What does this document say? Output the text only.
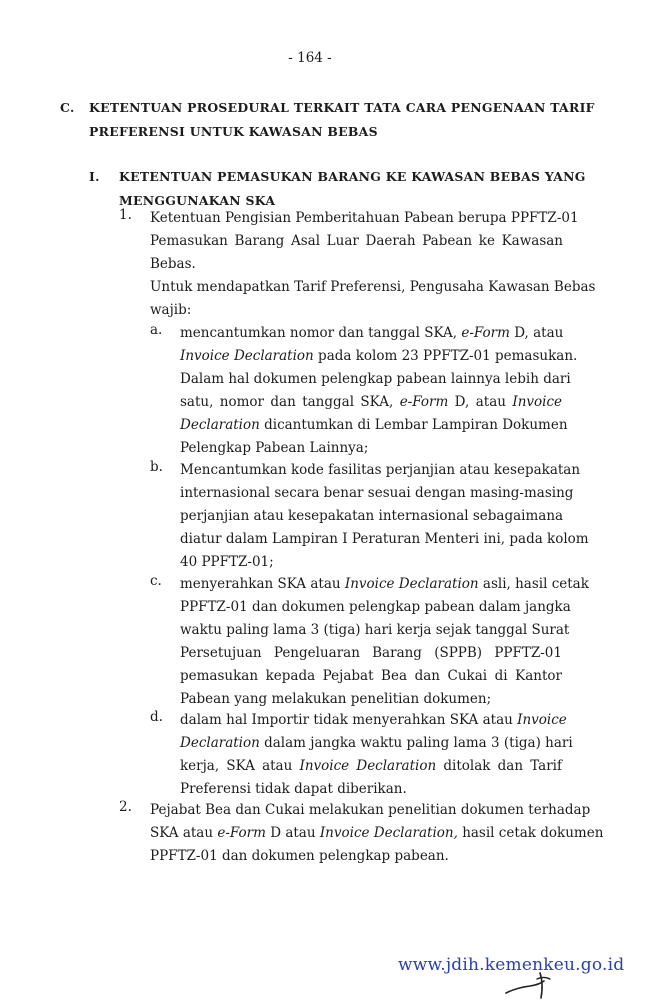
- 164 -
C. KETENTUAN PROSEDURAL TERKAIT TATA CARA PENGENAAN TARIF
PREFERENSI UNTUK KAWASAN BEBAS
I. KETENTUAN PEMASUKAN BARANG KE KAWASAN BEBAS YANG
MENGGUNAKAN SKA
1. Ketentuan Pengisian Pemberitahuan Pabean berupa PPFTZ-01
Pemasukan Barang Asal Luar Daerah Pabean ke Kawasan
Bebas.
Untuk mendapatkan Tarif Preferensi, Pengusaha Kawasan Bebas
wajib:
a. mencantumkan nomor dan tanggal SKA, e-Form D, atau
Invoice Declaration pada kolom 23 PPFTZ-01 pemasukan.
Dalam hal dokumen pelengkap pabean lainnya lebih dari
satu, nomor dan tanggal SKA, e-Form D, atau Invoice
Declaration dicantumkan di Lembar Lampiran Dokumen
Pelengkap Pabean Lainnya;
b. Mencantumkan kode fasilitas perjanjian atau kesepakatan
internasional secara benar sesuai dengan masing-masing
perjanjian atau kesepakatan internasional sebagaimana
diatur dalam Lampiran I Peraturan Menteri ini, pada kolom
40 PPFTZ-01;
c. menyerahkan SKA atau Invoice Declaration asli, hasil cetak
PPFTZ-01 dan dokumen pelengkap pabean dalam jangka
waktu paling lama 3 (tiga) hari kerja sejak tanggal Surat
Persetujuan Pengeluaran Barang (SPPB) PPFTZ-01
pemasukan kepada Pejabat Bea dan Cukai di Kantor
Pabean yang melakukan penelitian dokumen;
d. dalam hal Importir tidak menyerahkan SKA atau Invoice
Declaration dalam jangka waktu paling lama 3 (tiga) hari
kerja, SKA atau Invoice Declaration ditolak dan Tarif
Preferensi tidak dapat diberikan.
2. Pejabat Bea dan Cukai melakukan penelitian dokumen terhadap
SKA atau e-Form D atau Invoice Declaration, hasil cetak dokumen
PPFTZ-01 dan dokumen pelengkap pabean.
www.jdih.kemenkeu.go.id
